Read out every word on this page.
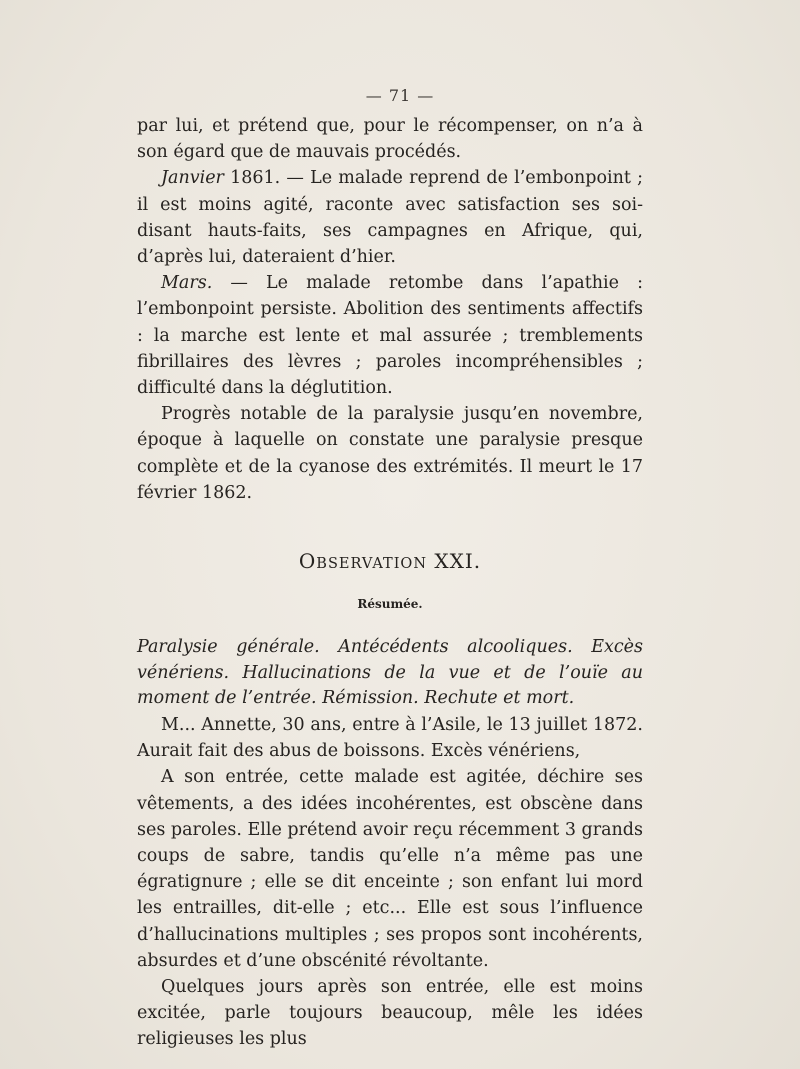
— 71 —

par lui, et prétend que, pour le récompenser, on n’a à son égard que de mauvais procédés.

Janvier 1861. — Le malade reprend de l’embonpoint ; il est moins agité, raconte avec satisfaction ses soi-disant hauts-faits, ses campagnes en Afrique, qui, d’après lui, dateraient d’hier.

Mars. — Le malade retombe dans l’apathie : l’embonpoint persiste. Abolition des sentiments affectifs : la marche est lente et mal assurée ; tremblements fibrillaires des lèvres ; paroles incompréhensibles ; difficulté dans la déglutition.

Progrès notable de la paralysie jusqu’en novembre, époque à laquelle on constate une paralysie presque complète et de la cyanose des extrémités. Il meurt le 17 février 1862.

OBSERVATION XXI.

Résumée.

Paralysie générale. Antécédents alcooliques. Excès vénériens. Hallucinations de la vue et de l’ouïe au moment de l’entrée. Rémission. Rechute et mort.

M... Annette, 30 ans, entre à l’Asile, le 13 juillet 1872. Aurait fait des abus de boissons. Excès vénériens,

A son entrée, cette malade est agitée, déchire ses vêtements, a des idées incohérentes, est obscène dans ses paroles. Elle prétend avoir reçu récemment 3 grands coups de sabre, tandis qu’elle n’a même pas une égratignure ; elle se dit enceinte ; son enfant lui mord les entrailles, dit-elle ; etc... Elle est sous l’influence d’hallucinations multiples ; ses propos sont incohérents, absurdes et d’une obscénité révoltante.

Quelques jours après son entrée, elle est moins excitée, parle toujours beaucoup, mêle les idées religieuses les plus
